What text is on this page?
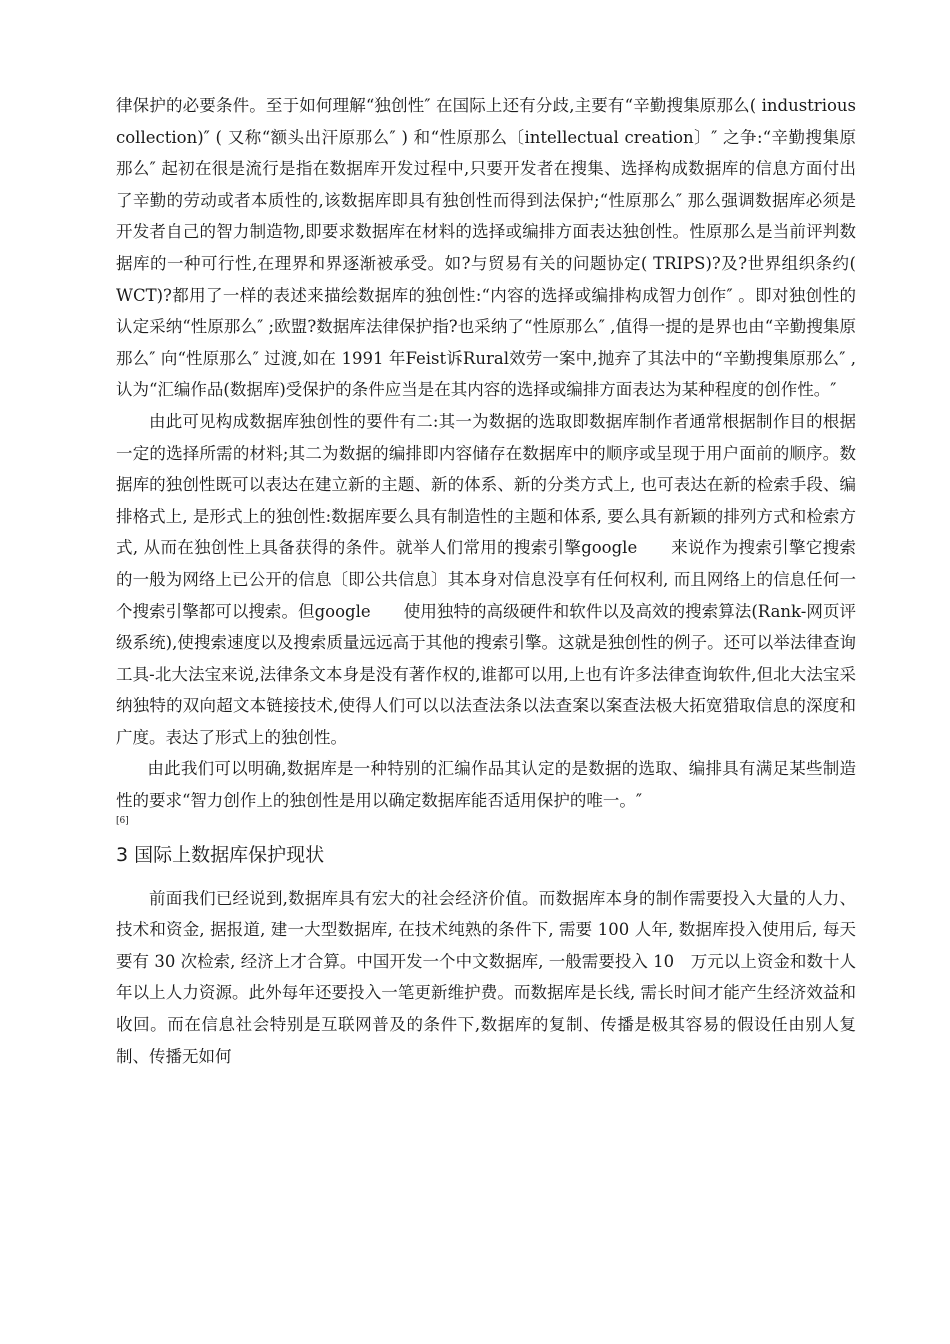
律保护的必要条件。至于如何理解“独创性″ 在国际上还有分歧,主要有“辛勤搜集原那么( industrious collection)″ ( 又称“额头出汗原那么″ ) 和“性原那么〔intellectual creation〕″ 之争:“辛勤搜集原那么″ 起初在很是流行是指在数据库开发过程中,只要开发者在搜集、选择构成数据库的信息方面付出了辛勤的劳动或者本质性的,该数据库即具有独创性而得到法保护;“性原那么″ 那么强调数据库必须是开发者自己的智力制造物,即要求数据库在材料的选择或编排方面表达独创性。性原那么是当前评判数据库的一种可行性,在理界和界逐渐被承受。如?与贸易有关的问题协定( TRIPS)?及?世界组织条约( WCT)?都用了一样的表述来描绘数据库的独创性:“内容的选择或编排构成智力创作″ 。即对独创性的认定采纳“性原那么″ ;欧盟?数据库法律保护指?也采纳了“性原那么″ ,值得一提的是界也由“辛勤搜集原那么″ 向“性原那么″ 过渡,如在 1991 年Feist诉Rural效劳一案中,抛弃了其法中的“辛勤搜集原那么″ ,认为“汇编作品(数据库)受保护的条件应当是在其内容的选择或编排方面表达为某种程度的创作性。″

由此可见构成数据库独创性的要件有二:其一为数据的选取即数据库制作者通常根据制作目的根据一定的选择所需的材料;其二为数据的编排即内容储存在数据库中的顺序或呈现于用户面前的顺序。数据库的独创性既可以表达在建立新的主题、新的体系、新的分类方式上, 也可表达在新的检索手段、编排格式上, 是形式上的独创性:数据库要么具有制造性的主题和体系, 要么具有新颖的排列方式和检索方式, 从而在独创性上具备获得的条件。就举人们常用的搜索引擎google　　来说作为搜索引擎它搜索的一般为网络上已公开的信息〔即公共信息〕其本身对信息没享有任何权利, 而且网络上的信息任何一个搜索引擎都可以搜索。但google　　使用独特的高级硬件和软件以及高效的搜索算法(Rank-网页评级系统),使搜索速度以及搜索质量远远高于其他的搜索引擎。这就是独创性的例子。还可以举法律查询工具-北大法宝来说,法律条文本身是没有著作权的,谁都可以用,上也有许多法律查询软件,但北大法宝采纳独特的双向超文本链接技术,使得人们可以以法查法条以法查案以案查法极大拓宽猎取信息的深度和广度。表达了形式上的独创性。

由此我们可以明确,数据库是一种特别的汇编作品其认定的是数据的选取、编排具有满足某些制造性的要求“智力创作上的独创性是用以确定数据库能否适用保护的唯一。″

[6]
3 国际上数据库保护现状

前面我们已经说到,数据库具有宏大的社会经济价值。而数据库本身的制作需要投入大量的人力、技术和资金, 据报道, 建一大型数据库, 在技术纯熟的条件下, 需要 100 人年, 数据库投入使用后, 每天要有 30 次检索, 经济上才合算。中国开发一个中文数据库, 一般需要投入 10　万元以上资金和数十人年以上人力资源。此外每年还要投入一笔更新维护费。而数据库是长线, 需长时间才能产生经济效益和收回。而在信息社会特别是互联网普及的条件下,数据库的复制、传播是极其容易的假设任由别人复制、传播无如何
